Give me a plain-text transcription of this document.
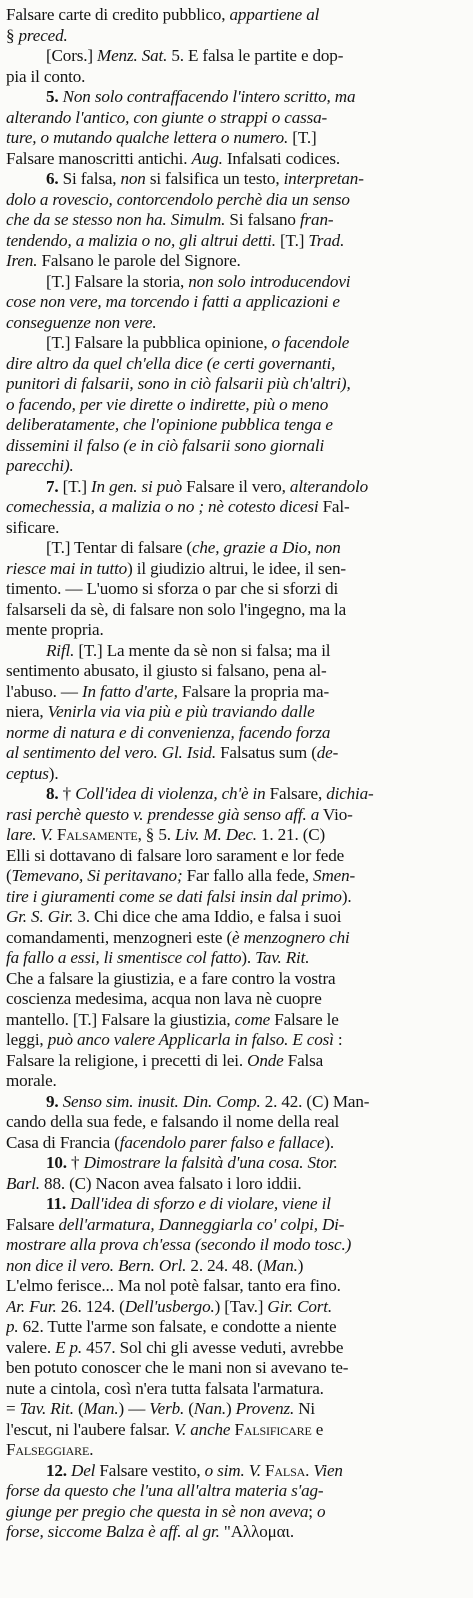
Falsare carte di credito pubblico, appartiene al
§ preced.
[Cors.] Menz. Sat. 5. E falsa le partite e dop-
pia il conto.
5. Non solo contraffacendo l'intero scritto, ma
alterando l'antico, con giunte o strappi o cassa-
ture, o mutando qualche lettera o numero. [T.]
Falsare manoscritti antichi. Aug. Infalsati codices.
6. Si falsa, non si falsifica un testo, interpretan-
dolo a rovescio, contorcendolo perchè dia un senso
che da se stesso non ha. Simulm. Si falsano fran-
tendendo, a malizia o no, gli altrui detti. [T.] Trad.
Iren. Falsano le parole del Signore.
[T.] Falsare la storia, non solo introducendovi
cose non vere, ma torcendo i fatti a applicazioni e
conseguenze non vere.
[T.] Falsare la pubblica opinione, o facendole
dire altro da quel ch'ella dice (e certi governanti,
punitori di falsarii, sono in ciò falsarii più ch'altri),
o facendo, per vie dirette o indirette, più o meno
deliberatamente, che l'opinione pubblica tenga e
dissemini il falso (e in ciò falsarii sono giornali
parecchi).
7. [T.] In gen. si può Falsare il vero, alterandolo
comechessia, a malizia o no ; nè cotesto dicesi Fal-
sificare.
[T.] Tentar di falsare (che, grazie a Dio, non
riesce mai in tutto) il giudizio altrui, le idee, il sen-
timento. — L'uomo si sforza o par che si sforzi di
falsarseli da sè, di falsare non solo l'ingegno, ma la
mente propria.
Rifl. [T.] La mente da sè non si falsa; ma il
sentimento abusato, il giusto si falsano, pena al-
l'abuso. — In fatto d'arte, Falsare la propria ma-
niera, Venirla via via più e più traviando dalle
norme di natura e di convenienza, facendo forza
al sentimento del vero. Gl. Isid. Falsatus sum (de-
ceptus).
8. † Coll'idea di violenza, ch'è in Falsare, dichia-
rasi perchè questo v. prendesse già senso aff. a Vio-
lare. V. Falsamente, § 5. Liv. M. Dec. 1. 21. (C)
Elli si dottavano di falsare loro sarament e lor fede
(Temevano, Si peritavano; Far fallo alla fede, Smen-
tire i giuramenti come se dati falsi insin dal primo).
Gr. S. Gir. 3. Chi dice che ama Iddio, e falsa i suoi
comandamenti, menzogneri este (è menzognero chi
fa fallo a essi, li smentisce col fatto). Tav. Rit.
Che a falsare la giustizia, e a fare contro la vostra
coscienza medesima, acqua non lava nè cuopre
mantello. [T.] Falsare la giustizia, come Falsare le
leggi, può anco valere Applicarla in falso. E così :
Falsare la religione, i precetti di lei. Onde Falsa
morale.
9. Senso sim. inusit. Din. Comp. 2. 42. (C) Man-
cando della sua fede, e falsando il nome della real
Casa di Francia (facendolo parer falso e fallace).
10. † Dimostrare la falsità d'una cosa. Stor.
Barl. 88. (C) Nacon avea falsato i loro iddii.
11. Dall'idea di sforzo e di violare, viene il
Falsare dell'armatura, Danneggiarla co' colpi, Di-
mostrare alla prova ch'essa (secondo il modo tosc.)
non dice il vero. Bern. Orl. 2. 24. 48. (Man.)
L'elmo ferisce... Ma nol potè falsar, tanto era fino.
Ar. Fur. 26. 124. (Dell'usbergo.) [Tav.] Gir. Cort.
p. 62. Tutte l'arme son falsate, e condotte a niente
valere. E p. 457. Sol chi gli avesse veduti, avrebbe
ben potuto conoscer che le mani non si avevano te-
nute a cintola, così n'era tutta falsata l'armatura.
= Tav. Rit. (Man.) — Verb. (Nan.) Provenz. Ni
l'escut, ni l'aubere falsar. V. anche Falsificare e
Falseggiare.
12. Del Falsare vestito, o sim. V. Falsa. Vien
forse da questo che l'una all'altra materia s'ag-
giunge per pregio che questa in sè non aveva; o
forse, siccome Balza è aff. al gr. "Αλλομαι.
